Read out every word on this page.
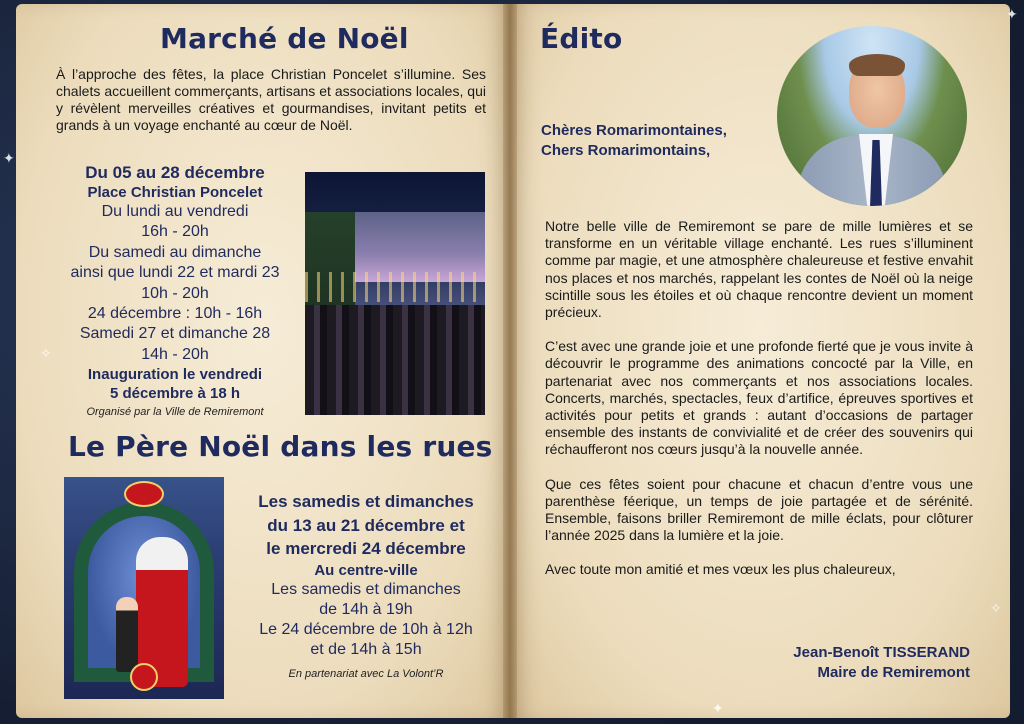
✦
✧
✦
✧
✦
Marché de Noël

À l’approche des fêtes, la place Christian Poncelet s’illumine. Ses chalets accueillent commerçants, artisans et associations locales, qui y révèlent merveilles créatives et gourmandises, invitant petits et grands à un voyage enchanté au cœur de Noël.

Du 05 au 28 décembre
Place Christian Poncelet
Du lundi au vendredi
16h - 20h
Du samedi au dimanche
ainsi que lundi 22 et mardi 23
10h - 20h
24 décembre : 10h - 16h
Samedi 27 et dimanche 28
14h - 20h
Inauguration le vendredi
5 décembre à 18 h
Organisé par la Ville de Remiremont
Le Père Noël dans les rues
Les samedis et dimanches
du 13 au 21 décembre et
le mercredi 24 décembre
Au centre-ville
Les samedis et dimanches
de 14h à 19h
Le 24 décembre de 10h à 12h
et de 14h à 15h
En partenariat avec La Volont’R
Édito
Chères Romarimontaines,
Chers Romarimontains,

Notre belle ville de Remiremont se pare de mille lumières et se transforme en un véritable village enchanté. Les rues s’illuminent comme par magie, et une atmosphère chaleureuse et festive envahit nos places et nos marchés, rappelant les contes de Noël où la neige scintille sous les étoiles et où chaque rencontre devient un moment précieux.

C’est avec une grande joie et une profonde fierté que je vous invite à découvrir le programme des animations concocté par la Ville, en partenariat avec nos commerçants et nos associations locales. Concerts, marchés, spectacles, feux d’artifice, épreuves sportives et activités pour petits et grands : autant d’occasions de partager ensemble des instants de convivialité et de créer des souvenirs qui réchaufferont nos cœurs jusqu’à la nouvelle année.

Que ces fêtes soient pour chacune et chacun d’entre vous une parenthèse féerique, un temps de joie partagée et de sérénité. Ensemble, faisons briller Remiremont de mille éclats, pour clôturer l’année 2025 dans la lumière et la joie.

Avec toute mon amitié et mes vœux les plus chaleureux,

Jean-Benoît TISSERAND
Maire de Remiremont
